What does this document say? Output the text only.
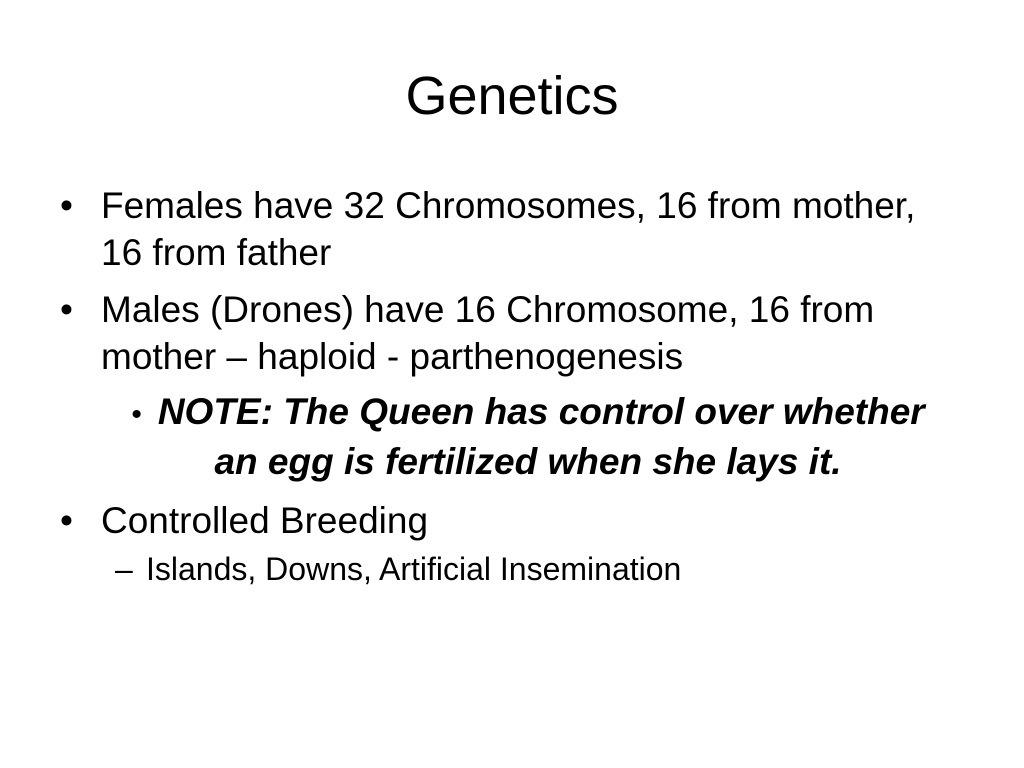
Genetics
• Females have 32 Chromosomes, 16 from mother, 16 from father
• Males (Drones) have 16 Chromosome, 16 from mother – haploid - parthenogenesis
• NOTE: The Queen has control over whether an egg is fertilized when she lays it.
• Controlled Breeding
– Islands, Downs, Artificial Insemination
